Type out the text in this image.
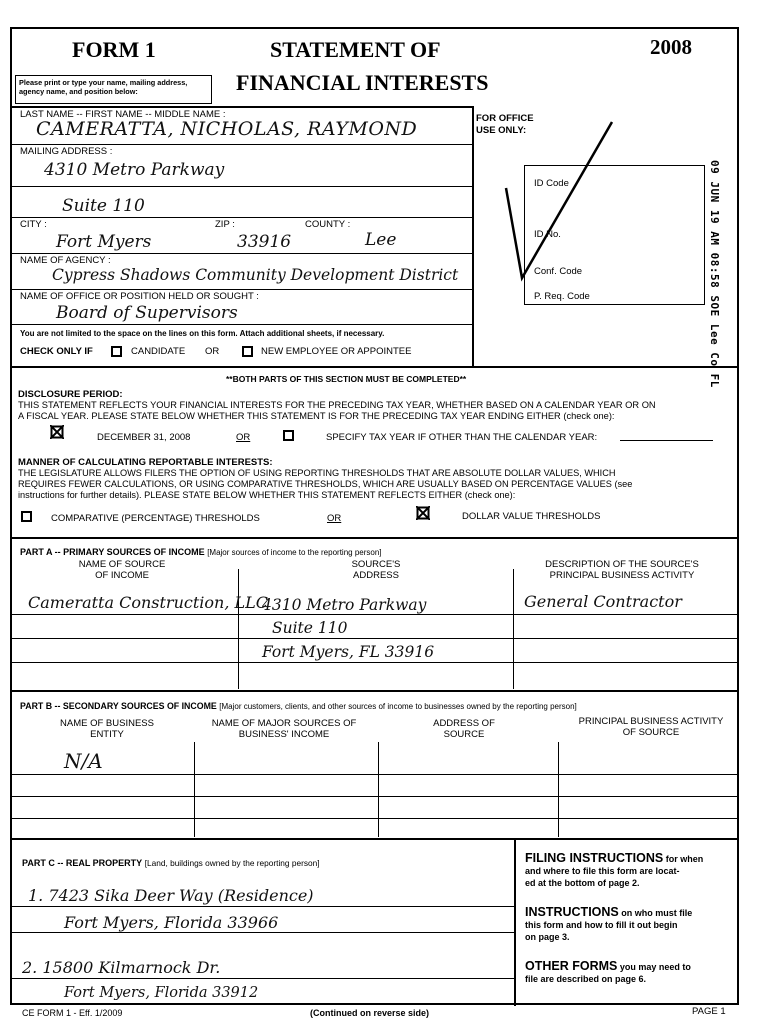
FORM 1	STATEMENT OF
FINANCIAL INTERESTS
2008
Please print or type your name, mailing address, agency name, and position below:
LAST NAME -- FIRST NAME -- MIDDLE NAME :
CAMERATTA, NICHOLAS, RAYMOND
MAILING ADDRESS :
4310 Metro Parkway
Suite 110
CITY :	ZIP :	COUNTY :
Fort Myers	33916	Lee
NAME OF AGENCY :
Cypress Shadows Community Development District
NAME OF OFFICE OR POSITION HELD OR SOUGHT :
Board of Supervisors
You are not limited to the space on the lines on this form. Attach additional sheets, if necessary.
CHECK ONLY IF	CANDIDATE OR	NEW EMPLOYEE OR APPOINTEE
FOR OFFICE
USE ONLY:
ID Code
ID No.
Conf. Code
P. Req. Code	09 JUN 19 AM 08:58 SOE Lee Co FL
**BOTH PARTS OF THIS SECTION MUST BE COMPLETED**
DISCLOSURE PERIOD:
THIS STATEMENT REFLECTS YOUR FINANCIAL INTERESTS FOR THE PRECEDING TAX YEAR, WHETHER BASED ON A CALENDAR YEAR OR ON
A FISCAL YEAR. PLEASE STATE BELOW WHETHER THIS STATEMENT IS FOR THE PRECEDING TAX YEAR ENDING EITHER (check one):
DECEMBER 31, 2008	OR	SPECIFY TAX YEAR IF OTHER THAN THE CALENDAR YEAR:
MANNER OF CALCULATING REPORTABLE INTERESTS:
THE LEGISLATURE ALLOWS FILERS THE OPTION OF USING REPORTING THRESHOLDS THAT ARE ABSOLUTE DOLLAR VALUES, WHICH
REQUIRES FEWER CALCULATIONS, OR USING COMPARATIVE THRESHOLDS, WHICH ARE USUALLY BASED ON PERCENTAGE VALUES (see
instructions for further details). PLEASE STATE BELOW WHETHER THIS STATEMENT REFLECTS EITHER (check one):
COMPARATIVE (PERCENTAGE) THRESHOLDS	OR	DOLLAR VALUE THRESHOLDS
PART A -- PRIMARY SOURCES OF INCOME [Major sources of income to the reporting person]
NAME OF SOURCE OF INCOME
SOURCE'S ADDRESS
DESCRIPTION OF THE SOURCE'S PRINCIPAL BUSINESS ACTIVITY
Cameratta Construction, LLC
4310 Metro Parkway
Suite 110
Fort Myers, FL 33916
General Contractor
PART B -- SECONDARY SOURCES OF INCOME [Major customers, clients, and other sources of income to businesses owned by the reporting person]
NAME OF BUSINESS ENTITY
NAME OF MAJOR SOURCES OF BUSINESS' INCOME
ADDRESS OF SOURCE
PRINCIPAL BUSINESS ACTIVITY OF SOURCE
N/A
PART C -- REAL PROPERTY [Land, buildings owned by the reporting person]
1. 7423 Sika Deer Way (Residence)
Fort Myers, Florida 33966
2. 15800 Kilmarnock Dr.
Fort Myers, Florida 33912
FILING INSTRUCTIONS for when
and where to file this form are locat-
ed at the bottom of page 2.
INSTRUCTIONS on who must file
this form and how to fill it out begin
on page 3.
OTHER FORMS you may need to
file are described on page 6.
CE FORM 1 - Eff. 1/2009	(Continued on reverse side)	PAGE 1
